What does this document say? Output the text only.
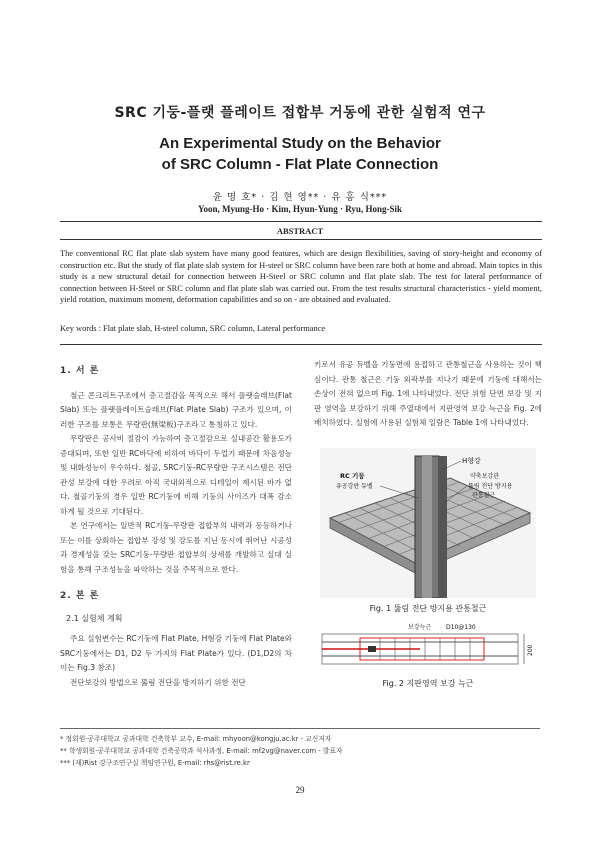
SRC 기둥-플랫 플레이트 접합부 거동에 관한 실험적 연구
An Experimental Study on the Behavior
of SRC Column - Flat Plate Connection
윤 명 호* · 김 현 영** · 유 홍 식***
Yoon, Myung-Ho · Kim, Hyun-Yung · Ryu, Hong-Sik
ABSTRACT
The conventional RC flat plate slab system have many good features, which are design flexibilities, saving of story-height and economy of construction etc. But the study of flat plate slab system for H-steel or SRC column have been rare both at home and abroad. Main topics in this study is a new structural detail for connection between H-Steel or SRC column and flat plate slab. The test for lateral performance of connection between H-Steel or SRC column and flat plate slab was carried out. From the test results structural characteristics - yield moment, yield rotation, maximum moment, deformation capabilities and so on - are obtained and evaluated.
Key words : Flat plate slab, H-steel column, SRC column, Lateral performance
1. 서 론

철근 콘크리트구조에서 층고절감을 목적으로 해서 플랫슬래브(Flat Slab) 또는 플랫플레이트슬래브(Flat Plate Slab) 구조가 있으며, 이러한 구조를 보통은 무량판(無梁板)구조라고 통칭하고 있다.

무량판은 공사비 절감이 가능하여 층고절감으로 실내공간 활용도가 증대되며, 또한 일반 RC바닥에 비하여 바닥이 두껍기 때문에 차음성능 및 내화성능이 우수하다. 철골, SRC기둥-RC무량판 구조시스템은 전단관성 보강에 대한 우려로 아직 국내외적으로 디테일이 제시된 바가 없다. 철골기둥의 경우 일반 RC기둥에 비해 기둥의 사이즈가 대폭 감소하게 될 것으로 기대된다.

본 연구에서는 일반적 RC기둥-무량판 접합부의 내력과 동등하거나 또는 이를 상회하는 접합부 강성 및 강도를 지닌 동시에 뛰어난 시공성과 경제성을 갖는 SRC기둥-무량판 접합부의 상세를 개발하고 실대 실험을 통해 구조성능을 파악하는 것을 주목적으로 한다.

2. 본 론
2.1 실험체 계획

주요 실험변수는 RC기둥에 Flat Plate, H형강 기둥에 Flat Plate와 SRC기둥에서는 D1, D2 두 가지의 Flat Plate가 있다. (D1,D2의 차이는 Fig.3 참조)

전단보강의 방법으로 뚫림 전단을 방지하기 위한 전단

키로서 유공 듀벨을 기둥면에 용접하고 관통철근을 사용하는 것이 핵심이다. 관통 철근은 기둥 외곽부를 지나기 때문에 기둥에 대해서는 손상이 전혀 없으며 Fig. 1에 나타내었다. 전단 위험 단면 보강 및 지판 영역을 보강하기 위해 주열대에서 지판영역 보강 늑근을 Fig. 2에 배치하였다. 실험에 사용된 실험체 일람은 Table 1에 나타내었다.

H형강
약축보강관
RC 기둥
유공강판 듀벨	뚫림 전단 방지용
관통철근
Fig. 1 뚫림 전단 방지용 관통철근
보강늑근 D10@130
200
Fig. 2 지판영역 보강 늑근
* 정회원·공주대학교 공과대학 건축학부 교수, E-mail: mhyoon@kongju.ac.kr - 교신저자
** 학생회원·공주대학교 공과대학 건축공학과 석사과정, E-mail: mf2vg@naver.com - 발표자
*** (재)Rist 강구조연구실 책임연구원, E-mail: rhs@rist.re.kr
29
